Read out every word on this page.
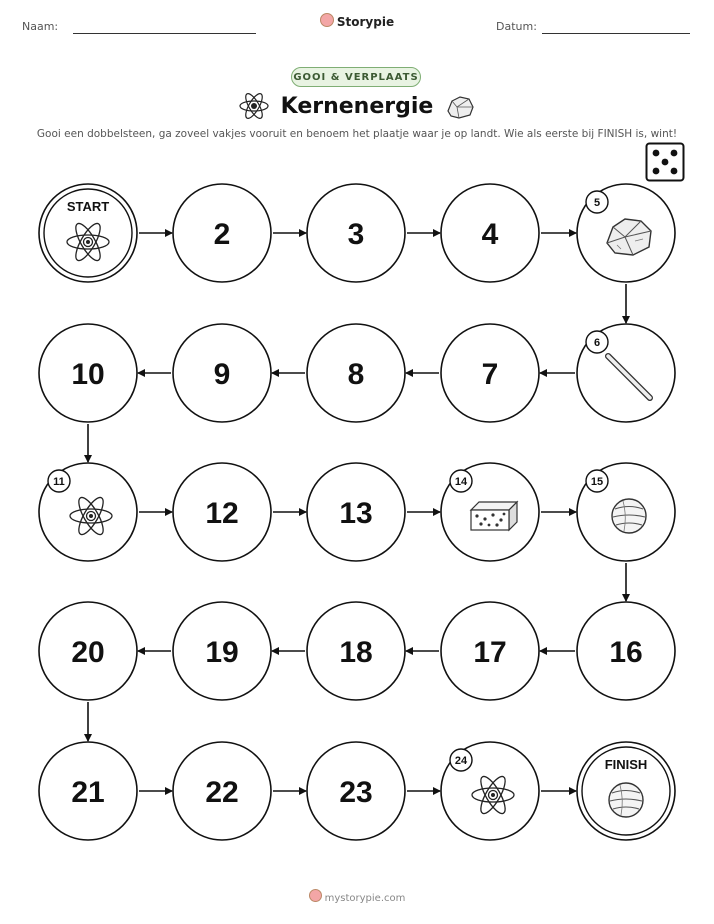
Naam:	Storypie	Datum:
GOOI & VERPLAATS
Kernenergie
Gooi een dobbelsteen, ga zoveel vakjes vooruit en benoem het plaatje waar je op landt. Wie als eerste bij FINISH is, wint!
START
2	3	4
5
6
7
8
9
10
11
12	13
14	15
16
17
18
19
20
21	22	23
24	FINISH
mystorypie.com
